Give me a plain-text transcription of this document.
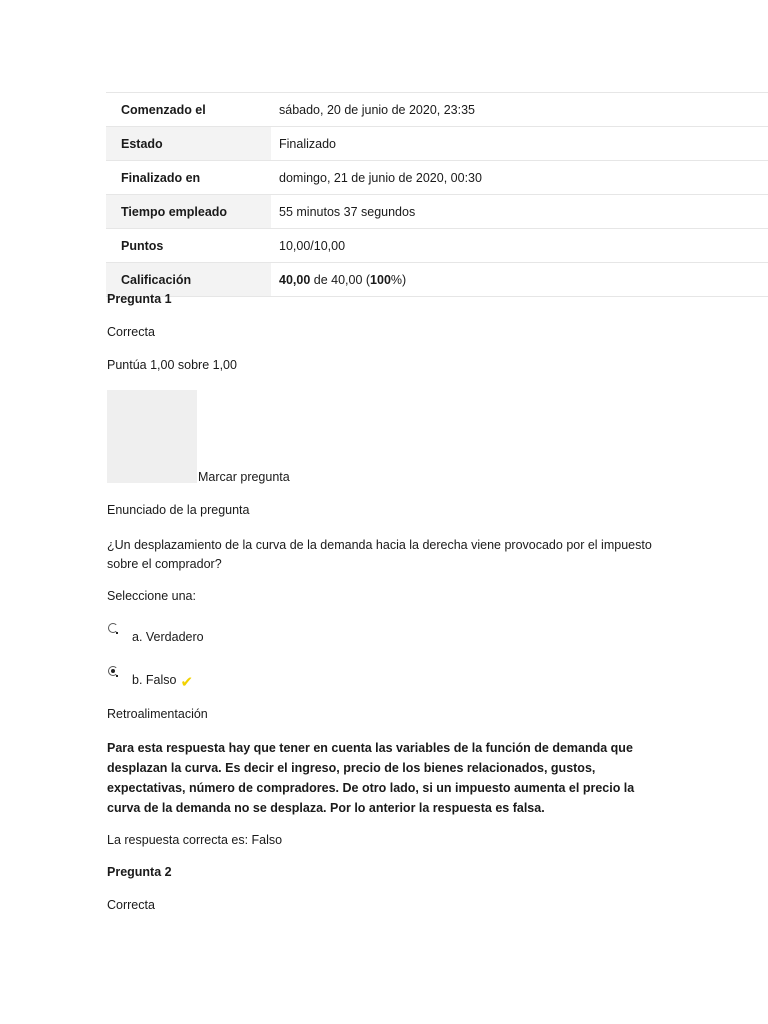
Comenzado el	sábado, 20 de junio de 2020, 23:35
Estado	Finalizado
Finalizado en	domingo, 21 de junio de 2020, 00:30
Tiempo empleado	55 minutos 37 segundos
Puntos	10,00/10,00
Calificación	40,00 de 40,00 (100%)

Pregunta 1

Correcta

Puntúa 1,00 sobre 1,00

Marcar pregunta

Enunciado de la pregunta

¿Un desplazamiento de la curva de la demanda hacia la derecha viene provocado por el impuesto sobre el comprador?

Seleccione una:

a. Verdadero
b. Falso ✔

Retroalimentación

Para esta respuesta hay que tener en cuenta las variables de la función de demanda que desplazan la curva. Es decir el ingreso, precio de los bienes relacionados, gustos, expectativas, número de compradores. De otro lado, si un impuesto aumenta el precio la curva de la demanda no se desplaza. Por lo anterior la respuesta es falsa.

La respuesta correcta es: Falso

Pregunta 2

Correcta
